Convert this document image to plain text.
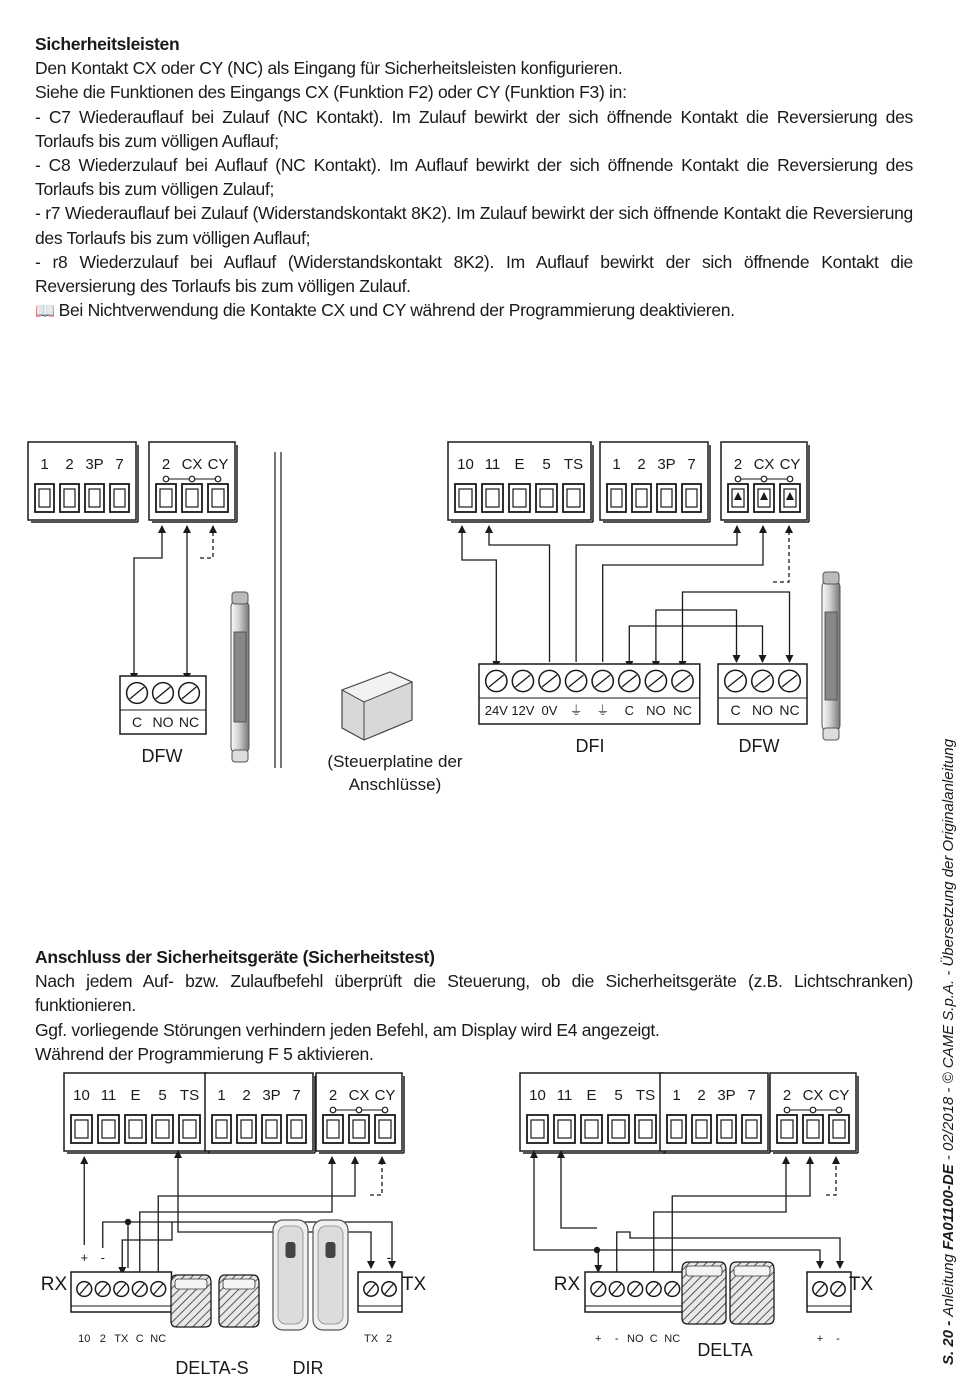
Sicherheitsleisten

Den Kontakt CX oder CY (NC) als Eingang für Sicherheitsleisten konfigurieren.

Siehe die Funktionen des Eingangs CX (Funktion F2) oder CY (Funktion F3) in:

- C7 Wiederauflauf bei Zulauf (NC Kontakt). Im Zulauf bewirkt der sich öffnende Kontakt die Reversierung des Torlaufs bis zum völligen Auflauf;

- C8 Wiederzulauf bei Auflauf (NC Kontakt). Im Auflauf bewirkt der sich öffnende Kontakt die Reversierung des Torlaufs bis zum völligen Zulauf;

- r7 Wiederauflauf bei Zulauf (Widerstandskontakt 8K2). Im Zulauf bewirkt der sich öffnende Kontakt die Reversierung des Torlaufs bis zum völligen Auflauf;

- r8 Wiederzulauf bei Auflauf (Widerstandskontakt 8K2). Im Auflauf bewirkt der sich öffnende Kontakt die Reversierung des Torlaufs bis zum völligen Zulauf.

📖 Bei Nichtverwendung die Kontakte CX und CY während der Programmierung deaktivieren.

Anschluss der Sicherheitsgeräte (Sicherheitstest)

Nach jedem Auf- bzw. Zulaufbefehl überprüft die Steuerung, ob die Sicherheitsgeräte (z.B. Lichtschranken) funktionieren.

Ggf. vorliegende Störungen verhindern jeden Befehl, am Display wird E4 angezeigt.

Während der Programmierung F 5 aktivieren.

1 2 3P 7	2 CX CY	10 11 E 5 TS 1 2 3P 7	2 CX CY
10 11 E 5 TS 1 2 3P 7 2 CX CY	10 11 E 5 TS 1 2 3P 7 2 CX CY
C NO NC
24V 12V 0V ⏚ ⏚ C NO NC	C NO NC
DFW	(Steuerplatine der
Anschlüsse)
DFI	DFW
10 2 TX C NC
RX
+ -
TX 2
TX
-
DELTA-S DIR
+ - NO C NC
RX
+ -
TX
DELTA	S. 20 - Anleitung FA01100-DE - 02/2018 - © CAME S.p.A. - Übersetzung der Originalanleitung
